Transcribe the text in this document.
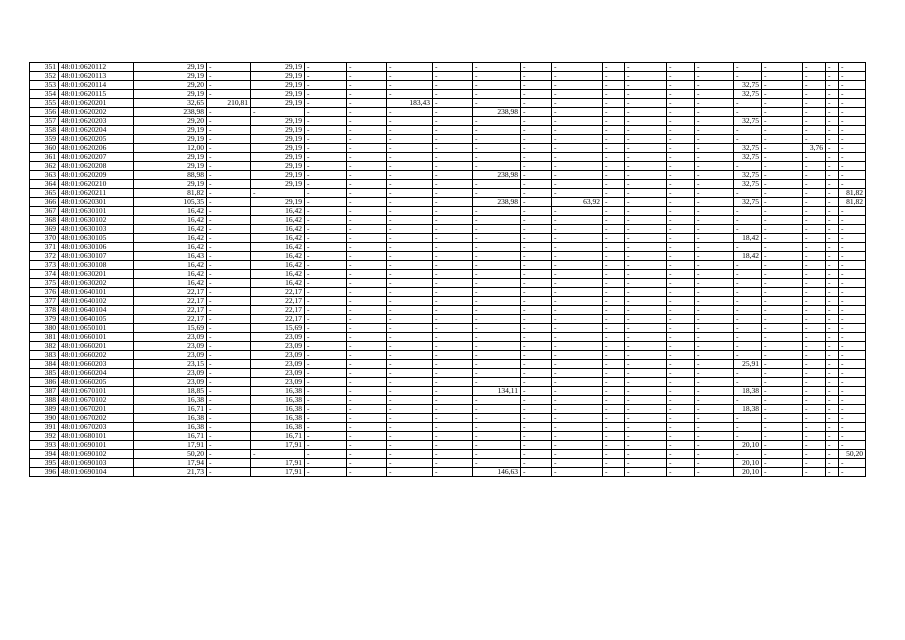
351	48:01:0620112	29,19	-	29,19	-	-	-	-	-	-	-	-	-	-	-	-	-	-	-	-
352	48:01:0620113	29,19	-	29,19	-	-	-	-	-	-	-	-	-	-	-	-	-	-	-	-
353	48:01:0620114	29,20	-	29,19	-	-	-	-	-	-	-	-	-	-	-	32,75	-	-	-	-
354	48:01:0620115	29,19	-	29,19	-	-	-	-	-	-	-	-	-	-	-	32,75	-	-	-	-
355	48:01:0620201	32,65	210,81	29,19	-	-	183,43	-	-	-	-	-	-	-	-	-	-	-	-	-
356	48:01:0620202	238,98	-	-	-	-	-	-	238,98	-	-	-	-	-	-	-	-	-	-	-
357	48:01:0620203	29,20	-	29,19	-	-	-	-	-	-	-	-	-	-	-	32,75	-	-	-	-
358	48:01:0620204	29,19	-	29,19	-	-	-	-	-	-	-	-	-	-	-	-	-	-	-	-
359	48:01:0620205	29,19	-	29,19	-	-	-	-	-	-	-	-	-	-	-	-	-	-	-	-
360	48:01:0620206	12,00	-	29,19	-	-	-	-	-	-	-	-	-	-	-	32,75	-	3,76	-	-
361	48:01:0620207	29,19	-	29,19	-	-	-	-	-	-	-	-	-	-	-	32,75	-	-	-	-
362	48:01:0620208	29,19	-	29,19	-	-	-	-	-	-	-	-	-	-	-	-	-	-	-	-
363	48:01:0620209	88,98	-	29,19	-	-	-	-	238,98	-	-	-	-	-	-	32,75	-	-	-	-
364	48:01:0620210	29,19	-	29,19	-	-	-	-	-	-	-	-	-	-	-	32,75	-	-	-	-
365	48:01:0620211	81,82	-	-	-	-	-	-	-	-	-	-	-	-	-	-	-	-	-	81,82
366	48:01:0620301	105,35	-	29,19	-	-	-	-	238,98	-	63,92	-	-	-	-	32,75	-	-	-	81,82
367	48:01:0630101	16,42	-	16,42	-	-	-	-	-	-	-	-	-	-	-	-	-	-	-	-
368	48:01:0630102	16,42	-	16,42	-	-	-	-	-	-	-	-	-	-	-	-	-	-	-	-
369	48:01:0630103	16,42	-	16,42	-	-	-	-	-	-	-	-	-	-	-	-	-	-	-	-
370	48:01:0630105	16,42	-	16,42	-	-	-	-	-	-	-	-	-	-	-	18,42	-	-	-	-
371	48:01:0630106	16,42	-	16,42	-	-	-	-	-	-	-	-	-	-	-	-	-	-	-	-
372	48:01:0630107	16,43	-	16,42	-	-	-	-	-	-	-	-	-	-	-	18,42	-	-	-	-
373	48:01:0630108	16,42	-	16,42	-	-	-	-	-	-	-	-	-	-	-	-	-	-	-	-
374	48:01:0630201	16,42	-	16,42	-	-	-	-	-	-	-	-	-	-	-	-	-	-	-	-
375	48:01:0630202	16,42	-	16,42	-	-	-	-	-	-	-	-	-	-	-	-	-	-	-	-
376	48:01:0640101	22,17	-	22,17	-	-	-	-	-	-	-	-	-	-	-	-	-	-	-	-
377	48:01:0640102	22,17	-	22,17	-	-	-	-	-	-	-	-	-	-	-	-	-	-	-	-
378	48:01:0640104	22,17	-	22,17	-	-	-	-	-	-	-	-	-	-	-	-	-	-	-	-
379	48:01:0640105	22,17	-	22,17	-	-	-	-	-	-	-	-	-	-	-	-	-	-	-	-
380	48:01:0650101	15,69	-	15,69	-	-	-	-	-	-	-	-	-	-	-	-	-	-	-	-
381	48:01:0660101	23,09	-	23,09	-	-	-	-	-	-	-	-	-	-	-	-	-	-	-	-
382	48:01:0660201	23,09	-	23,09	-	-	-	-	-	-	-	-	-	-	-	-	-	-	-	-
383	48:01:0660202	23,09	-	23,09	-	-	-	-	-	-	-	-	-	-	-	-	-	-	-	-
384	48:01:0660203	23,15	-	23,09	-	-	-	-	-	-	-	-	-	-	-	25,91	-	-	-	-
385	48:01:0660204	23,09	-	23,09	-	-	-	-	-	-	-	-	-	-	-	-	-	-	-	-
386	48:01:0660205	23,09	-	23,09	-	-	-	-	-	-	-	-	-	-	-	-	-	-	-	-
387	48:01:0670101	18,85	-	16,38	-	-	-	-	134,11	-	-	-	-	-	-	18,38	-	-	-	-
388	48:01:0670102	16,38	-	16,38	-	-	-	-	-	-	-	-	-	-	-	-	-	-	-	-
389	48:01:0670201	16,71	-	16,38	-	-	-	-	-	-	-	-	-	-	-	18,38	-	-	-	-
390	48:01:0670202	16,38	-	16,38	-	-	-	-	-	-	-	-	-	-	-	-	-	-	-	-
391	48:01:0670203	16,38	-	16,38	-	-	-	-	-	-	-	-	-	-	-	-	-	-	-	-
392	48:01:0680101	16,71	-	16,71	-	-	-	-	-	-	-	-	-	-	-	-	-	-	-	-
393	48:01:0690101	17,91	-	17,91	-	-	-	-	-	-	-	-	-	-	-	20,10	-	-	-	-
394	48:01:0690102	50,20	-	-	-	-	-	-	-	-	-	-	-	-	-	-	-	-	-	50,20
395	48:01:0690103	17,94	-	17,91	-	-	-	-	-	-	-	-	-	-	-	20,10	-	-	-	-
396	48:01:0690104	21,73	-	17,91	-	-	-	-	146,63	-	-	-	-	-	-	20,10	-	-	-	-
